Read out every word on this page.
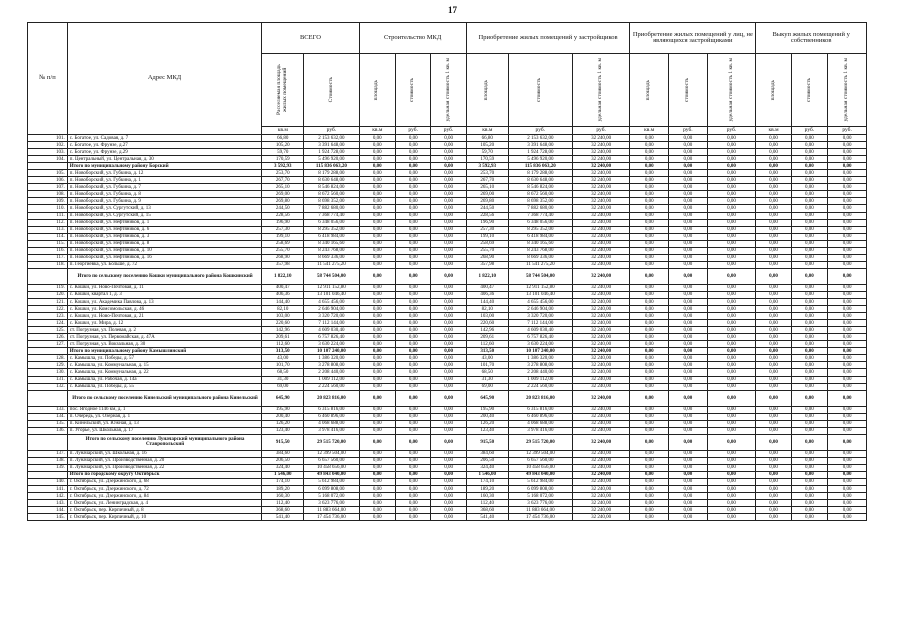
17
№ п/п	Адрес МКД	ВСЕГО		Строительство МКД			Приобретение жилых помещений у застройщиков			Приобретение жилых помещений у лиц, не являющихся застройщиками			Выкуп жилых помещений у собственников		

		Расселяемая площадь жилых помещений	Стоимость	площадь	стоимость	удельная стоимость 1 кв. м	площадь	стоимость	удельная стоимость 1 кв. м	площадь	стоимость	удельная стоимость 1 кв. м	площадь	стоимость	удельная стоимость 1 кв. м

		кв.м	руб.	кв.м	руб.	руб.	кв.м	руб.	руб.	кв.м	руб.	руб.	кв.м	руб.	руб.
101.	с. Богатое, ул. Садовая, д. 7	66,80	2 153 632,00	0,00	0,00	0,00	66,80	2 153 632,00	32 240,00	0,00	0,00	0,00	0,00	0,00	0,00
102.	с. Богатое, ул. Фрунзе, д.27	105,20	3 391 648,00	0,00	0,00	0,00	105,20	3 391 648,00	32 240,00	0,00	0,00	0,00	0,00	0,00	0,00
103.	с. Богатое, ул. Фрунзе, д.29	59,70	1 924 728,00	0,00	0,00	0,00	59,70	1 924 728,00	32 240,00	0,00	0,00	0,00	0,00	0,00	0,00
104.	п. Центральный, ул. Центральная, д. 30	170,59	5 496 920,00	0,00	0,00	0,00	170,59	5 496 920,00	32 240,00	0,00	0,00	0,00	0,00	0,00	0,00
	Итого по муниципальному району Борский	3 592,93	115 836 063,20	0,00	0,00	0,00	3 592,93	115 836 063,20	32 240,00	0,00	0,00	0,00	0,00	0,00	0,00
105.	п. Новоборский, ул. Губкина, д. 12	253,70	8 179 288,00	0,00	0,00	0,00	253,70	8 179 288,00	32 240,00	0,00	0,00	0,00	0,00	0,00	0,00
106.	п. Новоборский, ул. Губкина, д. 1	267,70	8 630 648,00	0,00	0,00	0,00	267,70	8 630 648,00	32 240,00	0,00	0,00	0,00	0,00	0,00	0,00
107.	п. Новоборский, ул. Губкина, д. 7	265,10	8 546 824,00	0,00	0,00	0,00	265,10	8 546 824,00	32 240,00	0,00	0,00	0,00	0,00	0,00	0,00
108.	п. Новоборский, ул. Губкина, д. 8	269,00	8 672 560,00	0,00	0,00	0,00	269,00	8 672 560,00	32 240,00	0,00	0,00	0,00	0,00	0,00	0,00
109.	п. Новоборский, ул. Губкина, д. 9	269,80	8 698 352,00	0,00	0,00	0,00	269,80	8 698 352,00	32 240,00	0,00	0,00	0,00	0,00	0,00	0,00
110.	п. Новоборский, ул. Сургутский, д. 13	244,50	7 882 680,00	0,00	0,00	0,00	244,50	7 882 680,00	32 240,00	0,00	0,00	0,00	0,00	0,00	0,00
111.	п. Новоборский, ул. Сургутский, д. 15	228,56	7 368 774,40	0,00	0,00	0,00	228,56	7 368 774,40	32 240,00	0,00	0,00	0,00	0,00	0,00	0,00
112.	п. Новоборский, ул. Нефтяников, д. 1	196,90	6 348 056,00	0,00	0,00	0,00	196,90	6 348 056,00	32 240,00	0,00	0,00	0,00	0,00	0,00	0,00
113.	п. Новоборский, ул. Нефтяников, д. 6	257,30	8 295 352,00	0,00	0,00	0,00	257,30	8 295 352,00	32 240,00	0,00	0,00	0,00	0,00	0,00	0,00
114.	п. Новоборский, ул. Нефтяников, д. 3	199,10	6 418 984,00	0,00	0,00	0,00	199,10	6 418 984,00	32 240,00	0,00	0,00	0,00	0,00	0,00	0,00
115.	п. Новоборский, ул. Нефтяников, д. 8	258,69	8 340 165,60	0,00	0,00	0,00	258,69	8 340 165,60	32 240,00	0,00	0,00	0,00	0,00	0,00	0,00
116.	п. Новоборский, ул. Нефтяников, д. 10	255,70	8 243 768,00	0,00	0,00	0,00	255,70	8 243 768,00	32 240,00	0,00	0,00	0,00	0,00	0,00	0,00
117.	п. Новоборский, ул. Нефтяников, д. 16	268,90	8 669 336,00	0,00	0,00	0,00	268,90	8 669 336,00	32 240,00	0,00	0,00	0,00	0,00	0,00	0,00
118.	п. Георгиевка, ул. Больше, д. 72	357,98	11 541 275,20	0,00	0,00	0,00	357,98	11 541 275,20	32 240,00	0,00	0,00	0,00	0,00	0,00	0,00
	Итого по сельскому поселению Кошки муниципального района Кошкинский	1 822,10	58 744 504,00	0,00	0,00	0,00	1 822,10	58 744 504,00	32 240,00	0,00	0,00	0,00	0,00	0,00	0,00
119.	с. Кошки, ул. Ново-Почтовая, д. 11	400,47	12 911 152,80	0,00	0,00	0,00	400,47	12 911 152,80	32 240,00	0,00	0,00	0,00	0,00	0,00	0,00
120.	с. Кошки, квартал 1, д. 3	406,36	13 101 046,40	0,00	0,00	0,00	406,36	13 101 046,40	32 240,00	0,00	0,00	0,00	0,00	0,00	0,00
121.	с. Кошки, ул. Академика Павлова, д. 13	144,40	4 655 456,00	0,00	0,00	0,00	144,40	4 655 456,00	32 240,00	0,00	0,00	0,00	0,00	0,00	0,00
122.	с. Кошки, ул. Комсомольская, д. 46	82,10	2 646 904,00	0,00	0,00	0,00	82,10	2 646 904,00	32 240,00	0,00	0,00	0,00	0,00	0,00	0,00
123.	с. Кошки, ул. Ново-Почтовая, д. 21	103,00	3 320 720,00	0,00	0,00	0,00	103,00	3 320 720,00	32 240,00	0,00	0,00	0,00	0,00	0,00	0,00
124.	с. Кошки, ул. Мира, д. 12	220,60	7 112 144,00	0,00	0,00	0,00	220,60	7 112 144,00	32 240,00	0,00	0,00	0,00	0,00	0,00	0,00
125.	ст. Погрузная, ул. Полевая, д. 2	142,96	4 609 030,40	0,00	0,00	0,00	142,96	4 609 030,40	32 240,00	0,00	0,00	0,00	0,00	0,00	0,00
126.	ст. Погрузная, ул. Первомайская, д. 47А	209,61	6 757 826,40	0,00	0,00	0,00	209,61	6 757 826,40	32 240,00	0,00	0,00	0,00	0,00	0,00	0,00
127.	ст. Погрузная, ул. Вокзальная, д. 30	112,60	3 630 224,00	0,00	0,00	0,00	112,60	3 630 224,00	32 240,00	0,00	0,00	0,00	0,00	0,00	0,00
	Итого по муниципальному району Камышлинский	313,50	10 107 240,00	0,00	0,00	0,00	313,50	10 107 240,00	32 240,00	0,00	0,00	0,00	0,00	0,00	0,00
128.	с. Камышла, ул. Победы, д. 57	43,00	1 386 320,00	0,00	0,00	0,00	43,00	1 386 320,00	32 240,00	0,00	0,00	0,00	0,00	0,00	0,00
129.	с. Камышла, ул. Коммунальная, д. 15	101,70	3 278 808,00	0,00	0,00	0,00	101,70	3 278 808,00	32 240,00	0,00	0,00	0,00	0,00	0,00	0,00
130.	с. Камышла, ул. Коммунальная, д. 22	68,50	2 208 440,00	0,00	0,00	0,00	68,50	2 208 440,00	32 240,00	0,00	0,00	0,00	0,00	0,00	0,00
131.	с. Камышла, ул. Рабочая, д. 14а	31,30	1 009 112,00	0,00	0,00	0,00	31,30	1 009 112,00	32 240,00	0,00	0,00	0,00	0,00	0,00	0,00
132.	с. Камышла, ул. Победы, д. 55	69,00	2 224 560,00	0,00	0,00	0,00	69,00	2 224 560,00	32 240,00	0,00	0,00	0,00	0,00	0,00	0,00
	Итого по сельскому поселению Кинельский муниципального района Кинельский	645,90	20 823 816,00	0,00	0,00	0,00	645,90	20 823 816,00	32 240,00	0,00	0,00	0,00	0,00	0,00	0,00
133.	пос. Ягодное 1146 км, д. 1	195,90	6 315 816,00	0,00	0,00	0,00	195,90	6 315 816,00	32 240,00	0,00	0,00	0,00	0,00	0,00	0,00
134.	п. Очередь, ул. Озерная, д. 1	200,40	6 460 896,00	0,00	0,00	0,00	200,40	6 460 896,00	32 240,00	0,00	0,00	0,00	0,00	0,00	0,00
135.	п. Кинельский, ул. Южная, д. 13	126,20	4 068 688,00	0,00	0,00	0,00	126,20	4 068 688,00	32 240,00	0,00	0,00	0,00	0,00	0,00	0,00
136.	п. Угорье, ул. Школьная, д. 17	123,40	3 978 416,00	0,00	0,00	0,00	123,40	3 978 416,00	32 240,00	0,00	0,00	0,00	0,00	0,00	0,00
	Итого по сельскому поселению Луначарский муниципального района Ставропольский	915,50	29 515 720,00	0,00	0,00	0,00	915,50	29 515 720,00	32 240,00	0,00	0,00	0,00	0,00	0,00	0,00
137.	п. Луначарский, ул. Школьная, д. 16	384,60	12 399 504,00	0,00	0,00	0,00	384,60	12 399 504,00	32 240,00	0,00	0,00	0,00	0,00	0,00	0,00
138.	п. Луначарский, ул. Производственная, д. 20	206,50	6 657 560,00	0,00	0,00	0,00	206,50	6 657 560,00	32 240,00	0,00	0,00	0,00	0,00	0,00	0,00
139.	п. Луначарский, ул. Производственная, д. 22	324,40	10 458 656,00	0,00	0,00	0,00	324,40	10 458 656,00	32 240,00	0,00	0,00	0,00	0,00	0,00	0,00
	Итого по городскому округу Октябрьск	1 546,00	49 843 040,00	0,00	0,00	0,00	1 546,00	49 843 040,00	32 240,00	0,00	0,00	0,00	0,00	0,00	0,00
140.	г. Октябрьск, ул. Дзержинского, д. 68	174,10	5 612 984,00	0,00	0,00	0,00	174,10	5 612 984,00	32 240,00	0,00	0,00	0,00	0,00	0,00	0,00
141.	г. Октябрьск, ул. Дзержинского, д. 72	189,20	6 099 808,00	0,00	0,00	0,00	189,20	6 099 808,00	32 240,00	0,00	0,00	0,00	0,00	0,00	0,00
142.	г. Октябрьск, ул. Дзержинского, д. 84	160,30	5 168 072,00	0,00	0,00	0,00	160,30	5 168 072,00	32 240,00	0,00	0,00	0,00	0,00	0,00	0,00
143.	г. Октябрьск, ул. Ленинградская, д. 4	112,40	3 623 776,00	0,00	0,00	0,00	112,40	3 623 776,00	32 240,00	0,00	0,00	0,00	0,00	0,00	0,00
144.	г. Октябрьск, пер. Кирпичный, д. 8	368,60	11 883 664,00	0,00	0,00	0,00	368,60	11 883 664,00	32 240,00	0,00	0,00	0,00	0,00	0,00	0,00
145.	г. Октябрьск, пер. Кирпичный, д. 10	541,40	17 454 736,00	0,00	0,00	0,00	541,40	17 454 736,00	32 240,00	0,00	0,00	0,00	0,00	0,00	0,00
